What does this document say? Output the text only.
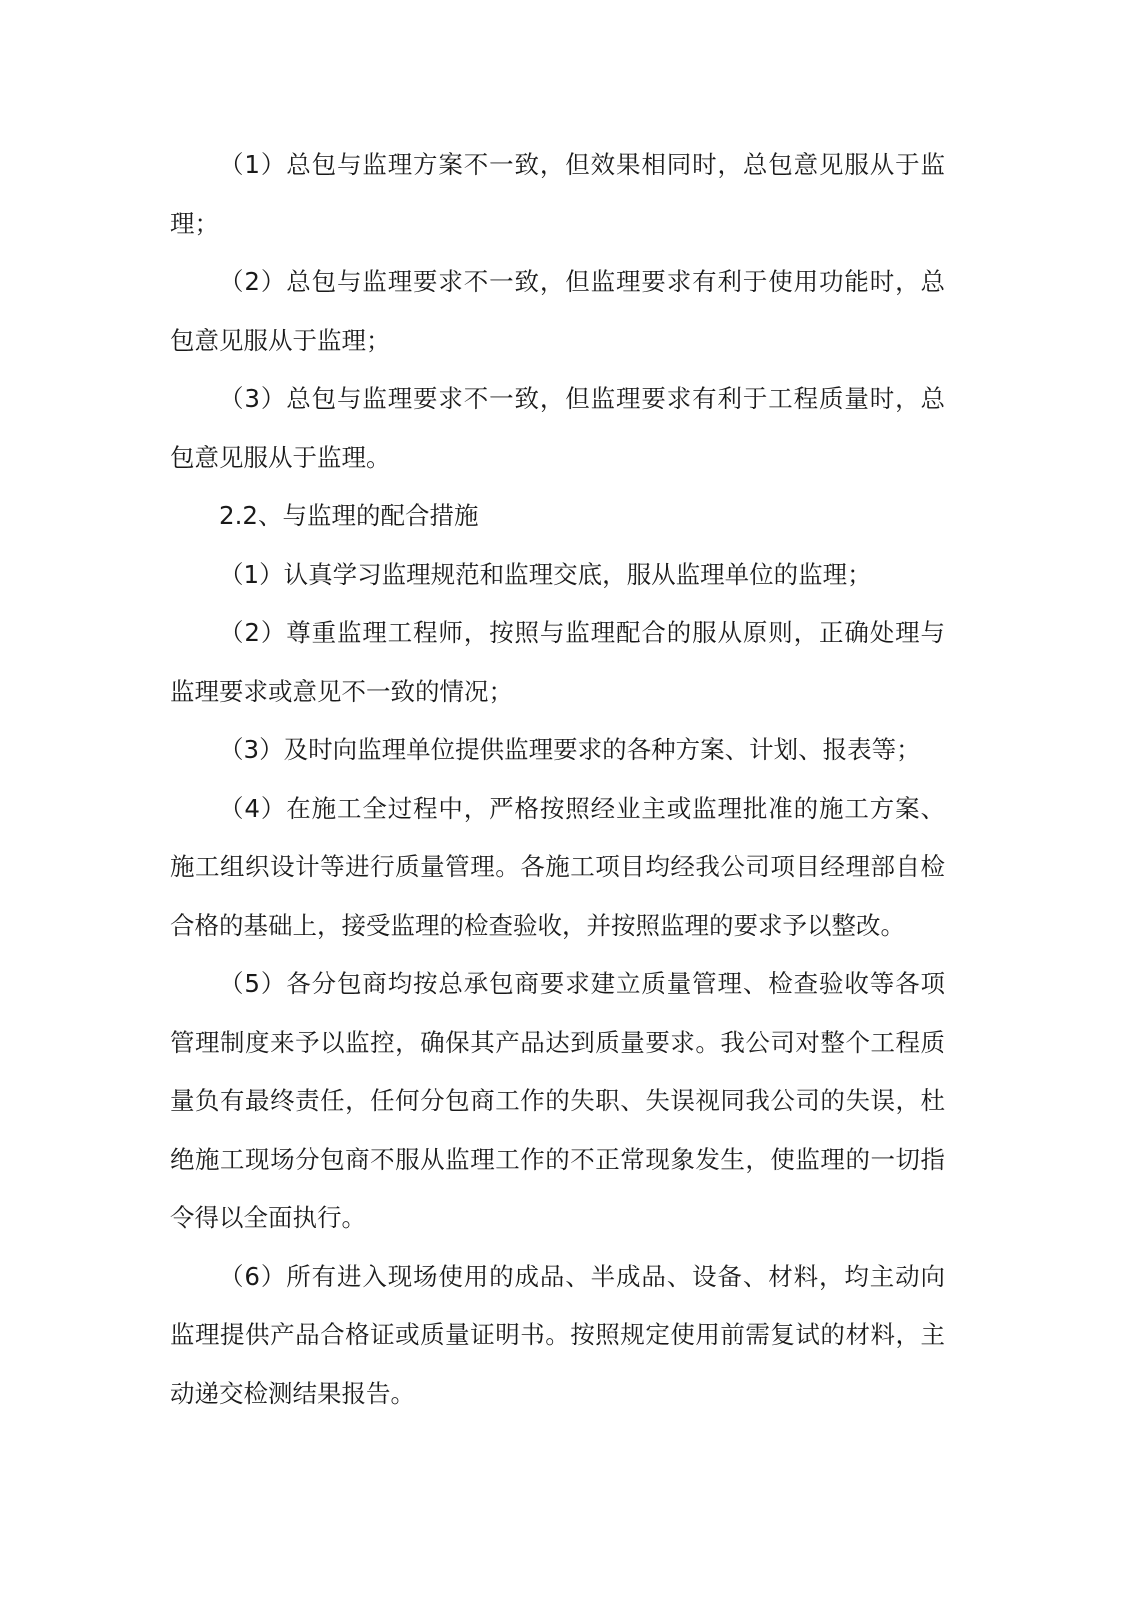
（1）总包与监理方案不一致，但效果相同时，总包意见服从于监理；

（2）总包与监理要求不一致，但监理要求有利于使用功能时，总包意见服从于监理；

（3）总包与监理要求不一致，但监理要求有利于工程质量时，总包意见服从于监理。

2.2、与监理的配合措施

（1）认真学习监理规范和监理交底，服从监理单位的监理；

（2）尊重监理工程师，按照与监理配合的服从原则，正确处理与监理要求或意见不一致的情况；

（3）及时向监理单位提供监理要求的各种方案、计划、报表等；

（4）在施工全过程中，严格按照经业主或监理批准的施工方案、施工组织设计等进行质量管理。各施工项目均经我公司项目经理部自检合格的基础上，接受监理的检查验收，并按照监理的要求予以整改。

（5）各分包商均按总承包商要求建立质量管理、检查验收等各项管理制度来予以监控，确保其产品达到质量要求。我公司对整个工程质量负有最终责任，任何分包商工作的失职、失误视同我公司的失误，杜绝施工现场分包商不服从监理工作的不正常现象发生，使监理的一切指令得以全面执行。

（6）所有进入现场使用的成品、半成品、设备、材料，均主动向监理提供产品合格证或质量证明书。按照规定使用前需复试的材料，主动递交检测结果报告。
